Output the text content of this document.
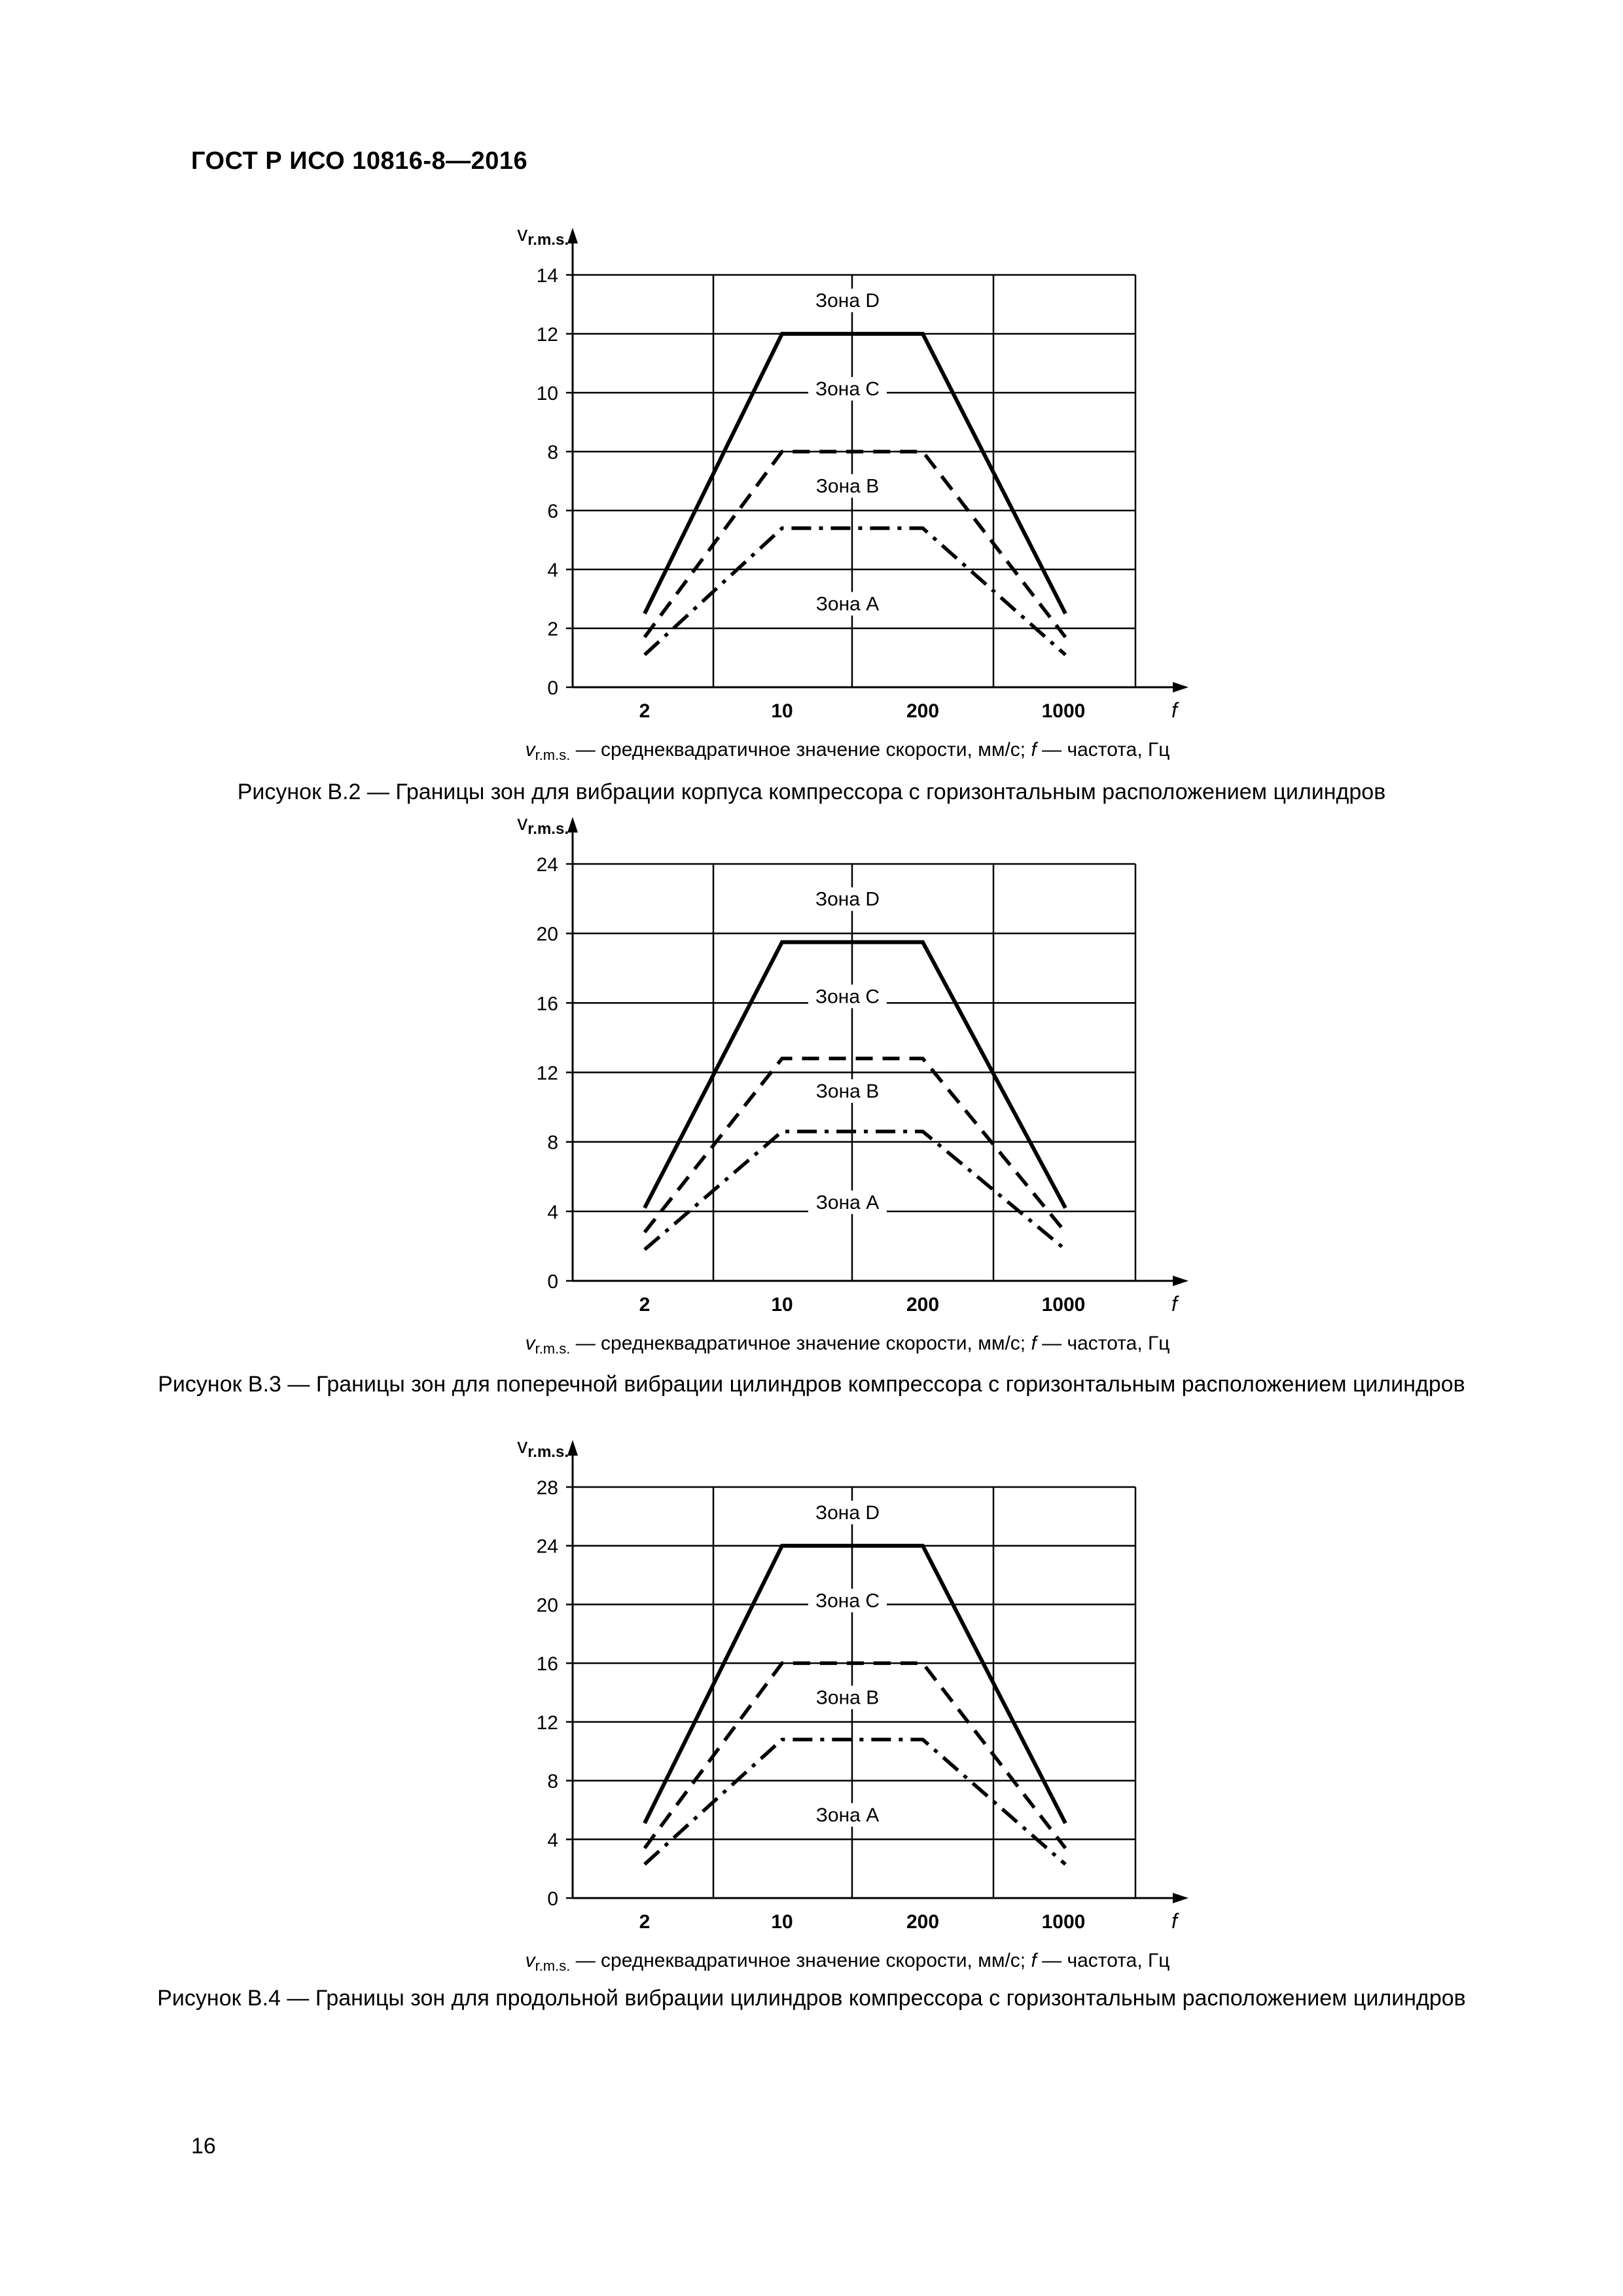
ГОСТ Р ИСО 10816-8—2016
0
2
4
6
8
10
12
14
vr.m.s.
f
2	10	200	1000
Зона D
Зона C
Зона B
Зона A
$v_{r.m.s.}$ — среднеквадратичное значение скорости, мм/с; f — частота, Гц
Рисунок B.2 — Границы зон для вибрации корпуса компрессора с горизонтальным расположением цилиндров
0
4
8
12
16
20
24
vr.m.s.
f
2	10	200	1000
Зона D
Зона C
Зона B
Зона A
$v_{r.m.s.}$ — среднеквадратичное значение скорости, мм/с; f — частота, Гц
Рисунок B.3 — Границы зон для поперечной вибрации цилиндров компрессора с горизонтальным расположением цилиндров
0
4
8
12
16
20
24
28
vr.m.s.
f
2	10	200	1000
Зона D
Зона C
Зона B
Зона A
$v_{r.m.s.}$ — среднеквадратичное значение скорости, мм/с; f — частота, Гц
Рисунок B.4 — Границы зон для продольной вибрации цилиндров компрессора с горизонтальным расположением цилиндров
16
